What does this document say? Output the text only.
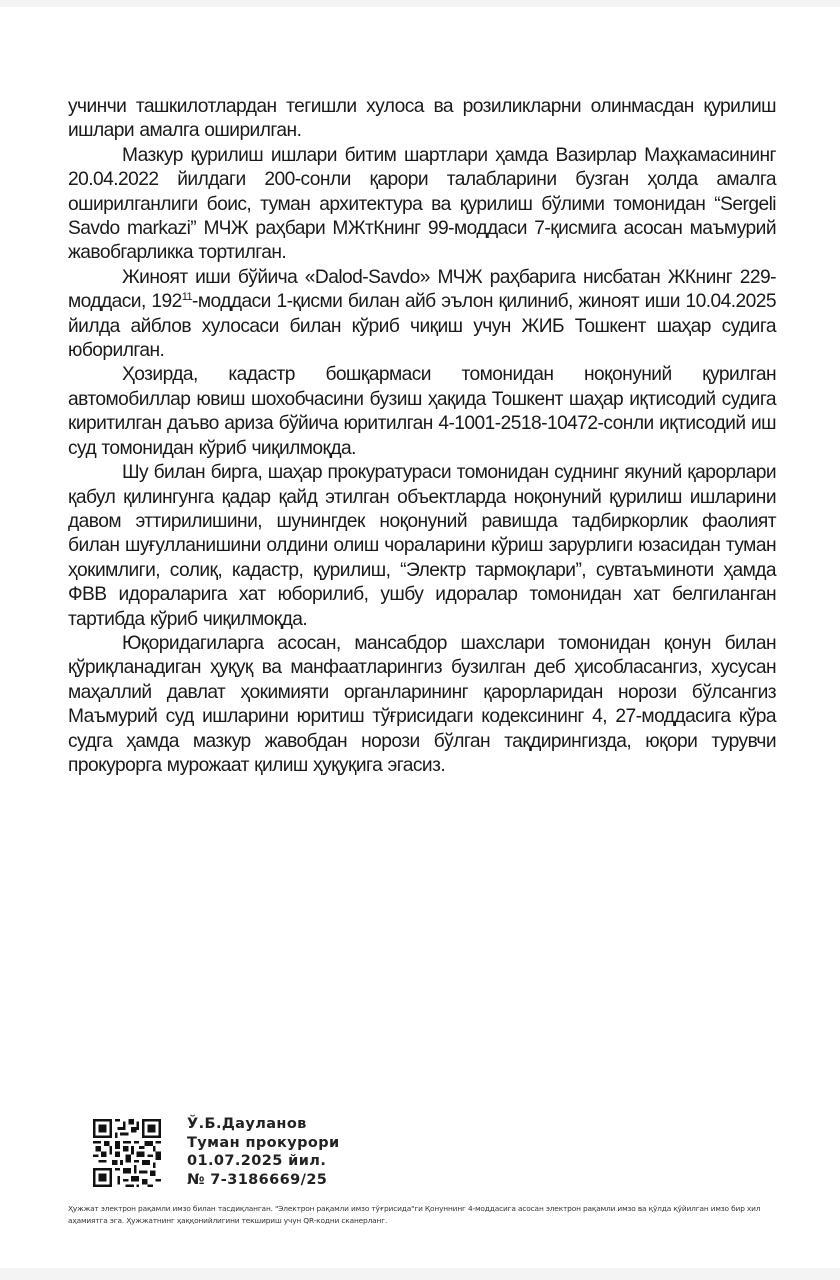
учинчи ташкилотлардан тегишли хулоса ва розиликларни олинмасдан қурилиш ишлари амалга оширилган.

Мазкур қурилиш ишлари битим шартлари ҳамда Вазирлар Маҳкамасининг 20.04.2022 йилдаги 200-сонли қарори талабларини бузган ҳолда амалга оширилганлиги боис, туман архитектура ва қурилиш бўлими томонидан “Sergeli Savdo markazi” МЧЖ раҳбари МЖтКнинг 99-моддаси 7-қисмига асосан маъмурий жавобгарликка тортилган.

Жиноят иши бўйича «Dalod-Savdo» МЧЖ раҳбарига нисбатан ЖКнинг 229-моддаси, $192^{11}$-моддаси 1-қисми билан айб эълон қилиниб, жиноят иши 10.04.2025 йилда айблов хулосаси билан кўриб чиқиш учун ЖИБ Тошкент шаҳар судига юборилган.

Ҳозирда, кадастр бошқармаси томонидан ноқонуний қурилган автомобиллар ювиш шохобчасини бузиш ҳақида Тошкент шаҳар иқтисодий судига киритилган даъво ариза бўйича юритилган 4-1001-2518-10472-сонли иқтисодий иш суд томонидан кўриб чиқилмоқда.

Шу билан бирга, шаҳар прокуратураси томонидан суднинг якуний қарорлари қабул қилингунга қадар қайд этилган объектларда ноқонуний қурилиш ишларини давом эттирилишини, шунингдек ноқонуний равишда тадбиркорлик фаолият билан шуғулланишини олдини олиш чораларини кўриш зарурлиги юзасидан туман ҳокимлиги, солиқ, кадастр, қурилиш, “Электр тармоқлари”, сувтаъминоти ҳамда ФВВ идораларига хат юборилиб, ушбу идоралар томонидан хат белгиланган тартибда кўриб чиқилмоқда.

Юқоридагиларга асосан, мансабдор шахслари томонидан қонун билан қўриқланадиган ҳуқуқ ва манфаатларингиз бузилган деб ҳисобласангиз, хусусан маҳаллий давлат ҳокимияти органларининг қарорларидан норози бўлсангиз Маъмурий суд ишларини юритиш тўғрисидаги кодексининг 4, 27-моддасига кўра судга ҳамда мазкур жавобдан норози бўлган тақдирингизда, юқори турувчи прокурорга мурожаат қилиш ҳуқуқига эгасиз.

Ў.Б.Дауланов
Туман прокурори
01.07.2025 йил.
№ 7-3186669/25
Ҳужжат электрон рақамли имзо билан тасдиқланган. "Электрон рақамли имзо тўғрисида"ги Қонуннинг 4-моддасига асосан электрон рақамли имзо ва қўлда қўйилган имзо бир хил аҳамиятга эга. Ҳужжатнинг ҳаққонийлигини текшириш учун QR-кодни сканерланг.
